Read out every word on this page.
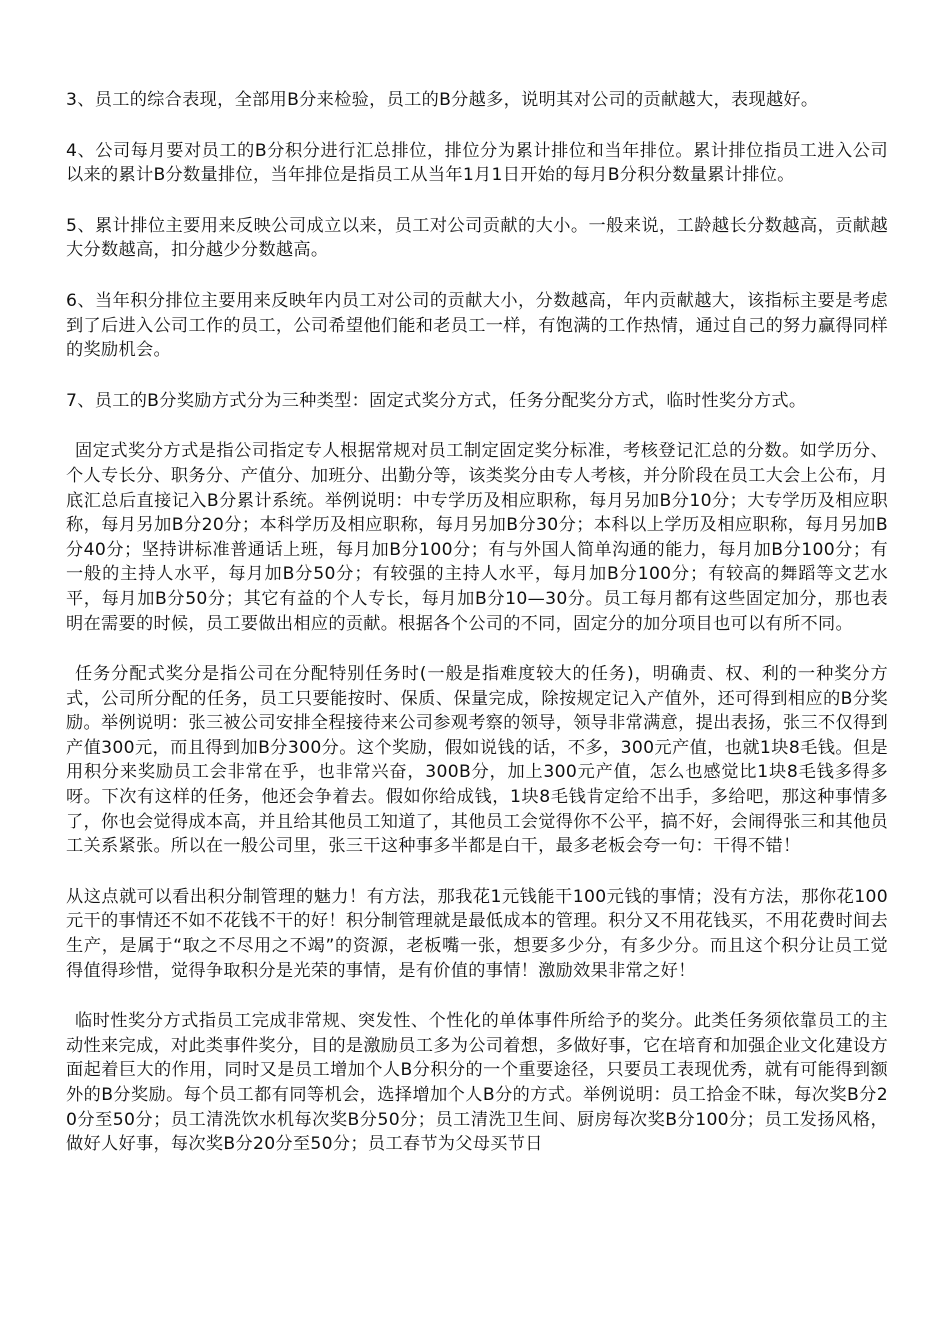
3、员工的综合表现，全部用B分来检验，员工的B分越多，说明其对公司的贡献越大，表现越好。

4、公司每月要对员工的B分积分进行汇总排位，排位分为累计排位和当年排位。累计排位指员工进入公司以来的累计B分数量排位，当年排位是指员工从当年1月1日开始的每月B分积分数量累计排位。

5、累计排位主要用来反映公司成立以来，员工对公司贡献的大小。一般来说，工龄越长分数越高，贡献越大分数越高，扣分越少分数越高。

6、当年积分排位主要用来反映年内员工对公司的贡献大小，分数越高，年内贡献越大，该指标主要是考虑到了后进入公司工作的员工，公司希望他们能和老员工一样，有饱满的工作热情，通过自己的努力赢得同样的奖励机会。

7、员工的B分奖励方式分为三种类型：固定式奖分方式，任务分配奖分方式，临时性奖分方式。

固定式奖分方式是指公司指定专人根据常规对员工制定固定奖分标准，考核登记汇总的分数。如学历分、个人专长分、职务分、产值分、加班分、出勤分等，该类奖分由专人考核，并分阶段在员工大会上公布，月底汇总后直接记入B分累计系统。举例说明：中专学历及相应职称，每月另加B分10分；大专学历及相应职称，每月另加B分20分；本科学历及相应职称，每月另加B分30分；本科以上学历及相应职称，每月另加B分40分；坚持讲标准普通话上班，每月加B分100分；有与外国人简单沟通的能力，每月加B分100分；有一般的主持人水平，每月加B分50分；有较强的主持人水平，每月加B分100分；有较高的舞蹈等文艺水平，每月加B分50分；其它有益的个人专长，每月加B分10—30分。员工每月都有这些固定加分，那也表明在需要的时候，员工要做出相应的贡献。根据各个公司的不同，固定分的加分项目也可以有所不同。

任务分配式奖分是指公司在分配特别任务时(一般是指难度较大的任务)，明确责、权、利的一种奖分方式，公司所分配的任务，员工只要能按时、保质、保量完成，除按规定记入产值外，还可得到相应的B分奖励。举例说明：张三被公司安排全程接待来公司参观考察的领导，领导非常满意，提出表扬，张三不仅得到产值300元，而且得到加B分300分。这个奖励，假如说钱的话，不多，300元产值，也就1块8毛钱。但是用积分来奖励员工会非常在乎，也非常兴奋，300B分，加上300元产值，怎么也感觉比1块8毛钱多得多呀。下次有这样的任务，他还会争着去。假如你给成钱，1块8毛钱肯定给不出手，多给吧，那这种事情多了，你也会觉得成本高，并且给其他员工知道了，其他员工会觉得你不公平，搞不好，会闹得张三和其他员工关系紧张。所以在一般公司里，张三干这种事多半都是白干，最多老板会夸一句：干得不错！

从这点就可以看出积分制管理的魅力！有方法，那我花1元钱能干100元钱的事情；没有方法，那你花100元干的事情还不如不花钱不干的好！积分制管理就是最低成本的管理。积分又不用花钱买，不用花费时间去生产，是属于“取之不尽用之不竭”的资源，老板嘴一张，想要多少分，有多少分。而且这个积分让员工觉得值得珍惜，觉得争取积分是光荣的事情，是有价值的事情！激励效果非常之好！

临时性奖分方式指员工完成非常规、突发性、个性化的单体事件所给予的奖分。此类任务须依靠员工的主动性来完成，对此类事件奖分，目的是激励员工多为公司着想，多做好事，它在培育和加强企业文化建设方面起着巨大的作用，同时又是员工增加个人B分积分的一个重要途径，只要员工表现优秀，就有可能得到额外的B分奖励。每个员工都有同等机会，选择增加个人B分的方式。举例说明：员工拾金不昧，每次奖B分20分至50分；员工清洗饮水机每次奖B分50分；员工清洗卫生间、厨房每次奖B分100分；员工发扬风格，做好人好事，每次奖B分20分至50分；员工春节为父母买节日
